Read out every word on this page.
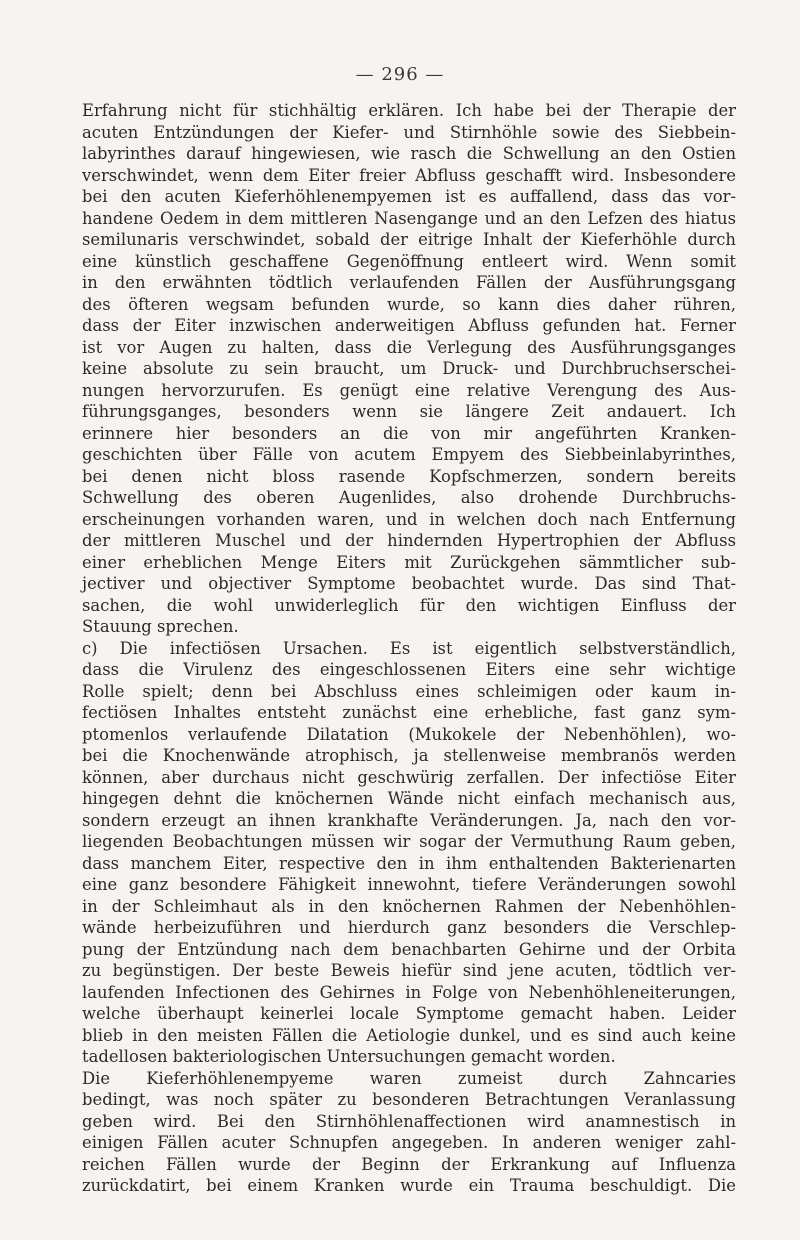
— 296 —
Erfahrung nicht für stichhältig erklären. Ich habe bei der Therapie der
acuten Entzündungen der Kiefer- und Stirnhöhle sowie des Siebbein-
labyrinthes darauf hingewiesen, wie rasch die Schwellung an den Ostien
verschwindet, wenn dem Eiter freier Abfluss geschafft wird. Insbesondere
bei den acuten Kieferhöhlenempyemen ist es auffallend, dass das vor-
handene Oedem in dem mittleren Nasengange und an den Lefzen des hiatus
semilunaris verschwindet, sobald der eitrige Inhalt der Kieferhöhle durch
eine künstlich geschaffene Gegenöffnung entleert wird. Wenn somit
in den erwähnten tödtlich verlaufenden Fällen der Ausführungsgang
des öfteren wegsam befunden wurde, so kann dies daher rühren,
dass der Eiter inzwischen anderweitigen Abfluss gefunden hat. Ferner
ist vor Augen zu halten, dass die Verlegung des Ausführungsganges
keine absolute zu sein braucht, um Druck- und Durchbruchserschei-
nungen hervorzurufen. Es genügt eine relative Verengung des Aus-
führungsganges, besonders wenn sie längere Zeit andauert. Ich
erinnere hier besonders an die von mir angeführten Kranken-
geschichten über Fälle von acutem Empyem des Siebbeinlabyrinthes,
bei denen nicht bloss rasende Kopfschmerzen, sondern bereits
Schwellung des oberen Augenlides, also drohende Durchbruchs-
erscheinungen vorhanden waren, und in welchen doch nach Entfernung
der mittleren Muschel und der hindernden Hypertrophien der Abfluss
einer erheblichen Menge Eiters mit Zurückgehen sämmtlicher sub-
jectiver und objectiver Symptome beobachtet wurde. Das sind That-
sachen, die wohl unwiderleglich für den wichtigen Einfluss der
Stauung sprechen.
c) Die infectiösen Ursachen. Es ist eigentlich selbstverständlich,
dass die Virulenz des eingeschlossenen Eiters eine sehr wichtige
Rolle spielt; denn bei Abschluss eines schleimigen oder kaum in-
fectiösen Inhaltes entsteht zunächst eine erhebliche, fast ganz sym-
ptomenlos verlaufende Dilatation (Mukokele der Nebenhöhlen), wo-
bei die Knochenwände atrophisch, ja stellenweise membranös werden
können, aber durchaus nicht geschwürig zerfallen. Der infectiöse Eiter
hingegen dehnt die knöchernen Wände nicht einfach mechanisch aus,
sondern erzeugt an ihnen krankhafte Veränderungen. Ja, nach den vor-
liegenden Beobachtungen müssen wir sogar der Vermuthung Raum geben,
dass manchem Eiter, respective den in ihm enthaltenden Bakterienarten
eine ganz besondere Fähigkeit innewohnt, tiefere Veränderungen sowohl
in der Schleimhaut als in den knöchernen Rahmen der Nebenhöhlen-
wände herbeizuführen und hierdurch ganz besonders die Verschlep-
pung der Entzündung nach dem benachbarten Gehirne und der Orbita
zu begünstigen. Der beste Beweis hiefür sind jene acuten, tödtlich ver-
laufenden Infectionen des Gehirnes in Folge von Nebenhöhleneiterungen,
welche überhaupt keinerlei locale Symptome gemacht haben. Leider
blieb in den meisten Fällen die Aetiologie dunkel, und es sind auch keine
tadellosen bakteriologischen Untersuchungen gemacht worden.
Die Kieferhöhlenempyeme waren zumeist durch Zahncaries
bedingt, was noch später zu besonderen Betrachtungen Veranlassung
geben wird. Bei den Stirnhöhlenaffectionen wird anamnestisch in
einigen Fällen acuter Schnupfen angegeben. In anderen weniger zahl-
reichen Fällen wurde der Beginn der Erkrankung auf Influenza
zurückdatirt, bei einem Kranken wurde ein Trauma beschuldigt. Die
